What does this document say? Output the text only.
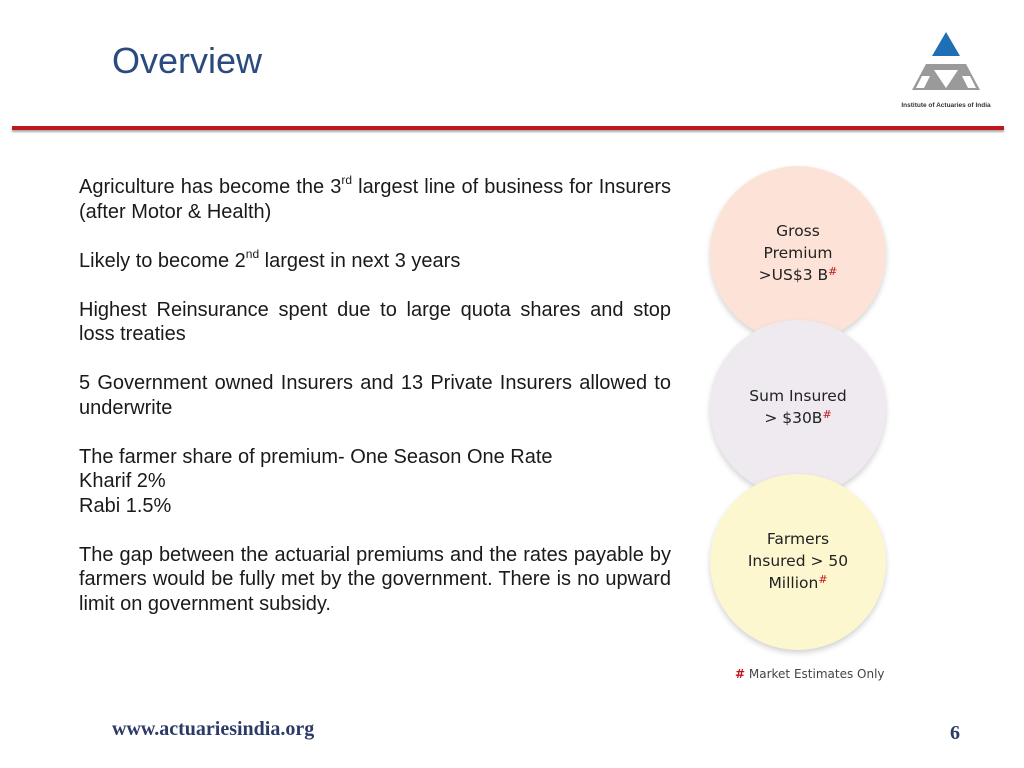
Overview
Institute of Actuaries of India

Agriculture has become the 3rd largest line of business for Insurers (after Motor & Health)

Likely to become 2nd largest in next 3 years

Highest Reinsurance spent due to large quota shares and stop loss treaties

5 Government owned Insurers and 13 Private Insurers allowed to underwrite

The farmer share of premium- One Season One Rate
Kharif 2%
Rabi 1.5%

The gap between the actuarial premiums and the rates payable by farmers would be fully met by the government. There is no upward limit on government subsidy.

Gross
Premium
>US$3 B#
Sum Insured
> $30B#
Farmers
Insured > 50
Million#
# Market Estimates Only
www.actuariesindia.org	6
